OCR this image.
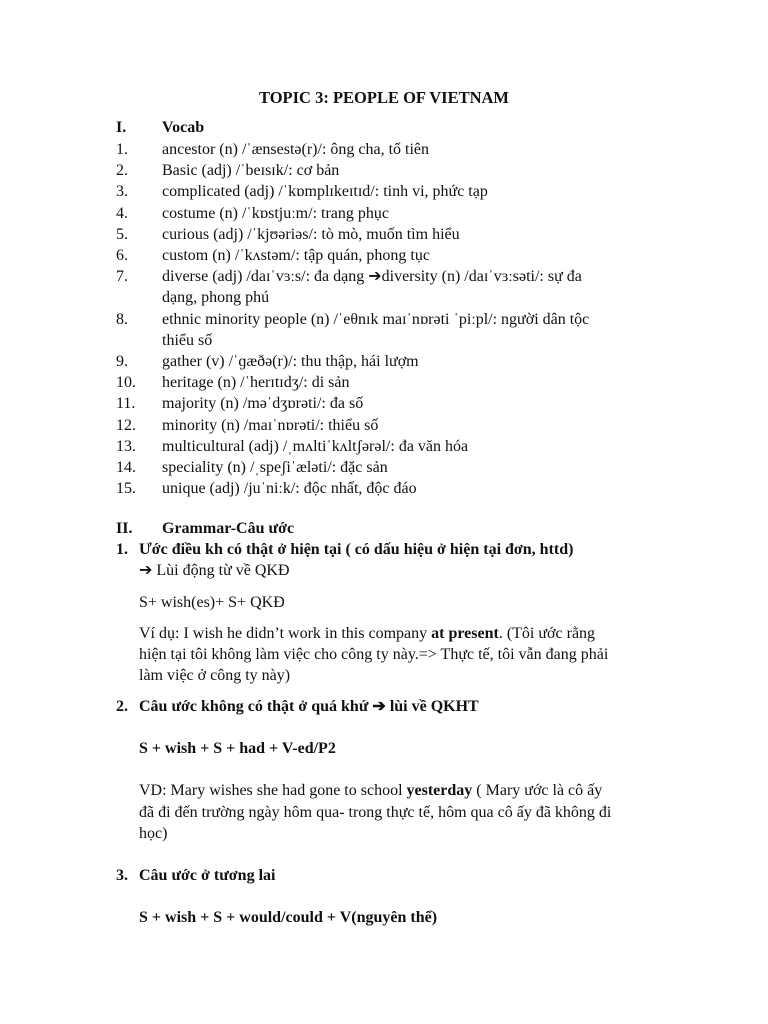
TOPIC 3: PEOPLE OF VIETNAM
I. Vocab
1. ancestor (n) /ˈænsestə(r)/: ông cha, tổ tiên
2. Basic (adj) /ˈbeɪsɪk/: cơ bản
3. complicated (adj) /ˈkɒmplɪkeɪtɪd/: tinh vi, phức tạp
4. costume (n) /ˈkɒstjuːm/: trang phục
5. curious (adj) /ˈkjʊəriəs/: tò mò, muốn tìm hiểu
6. custom (n) /ˈkʌstəm/: tập quán, phong tục
7. diverse (adj) /daɪˈvɜːs/: đa dạng ➔diversity (n) /daɪˈvɜːsəti/: sự đa
dạng, phong phú
8. ethnic minority people (n) /ˈeθnɪk maɪˈnɒrəti ˈpiːpl/: người dân tộc
thiểu số
9. gather (v) /ˈɡæðə(r)/: thu thập, hái lượm
10. heritage (n) /ˈherɪtɪdʒ/: di sản
11. majority (n) /məˈdʒɒrəti/: đa số
12. minority (n) /maɪˈnɒrəti/: thiểu số
13. multicultural (adj) /ˌmʌltiˈkʌltʃərəl/: đa văn hóa
14. speciality (n) /ˌspeʃiˈæləti/: đặc sản
15. unique (adj) /juˈniːk/: độc nhất, độc đáo
II. Grammar-Câu ước
1. Ước điều kh có thật ở hiện tại ( có dấu hiệu ở hiện tại đơn, httd)
➔ Lùi động từ về QKĐ
S+ wish(es)+ S+ QKĐ
Ví dụ: I wish he didn’t work in this company at present. (Tôi ước rằng
hiện tại tôi không làm việc cho công ty này.=> Thực tế, tôi vẫn đang phải
làm việc ở công ty này)
2. Câu ước không có thật ở quá khứ ➔ lùi về QKHT
S + wish + S + had + V-ed/P2
VD: Mary wishes she had gone to school yesterday ( Mary ước là cô ấy
đã đi đến trường ngày hôm qua- trong thực tế, hôm qua cô ấy đã không đi
học)
3. Câu ước ở tương lai
S + wish + S + would/could + V(nguyên thể)
